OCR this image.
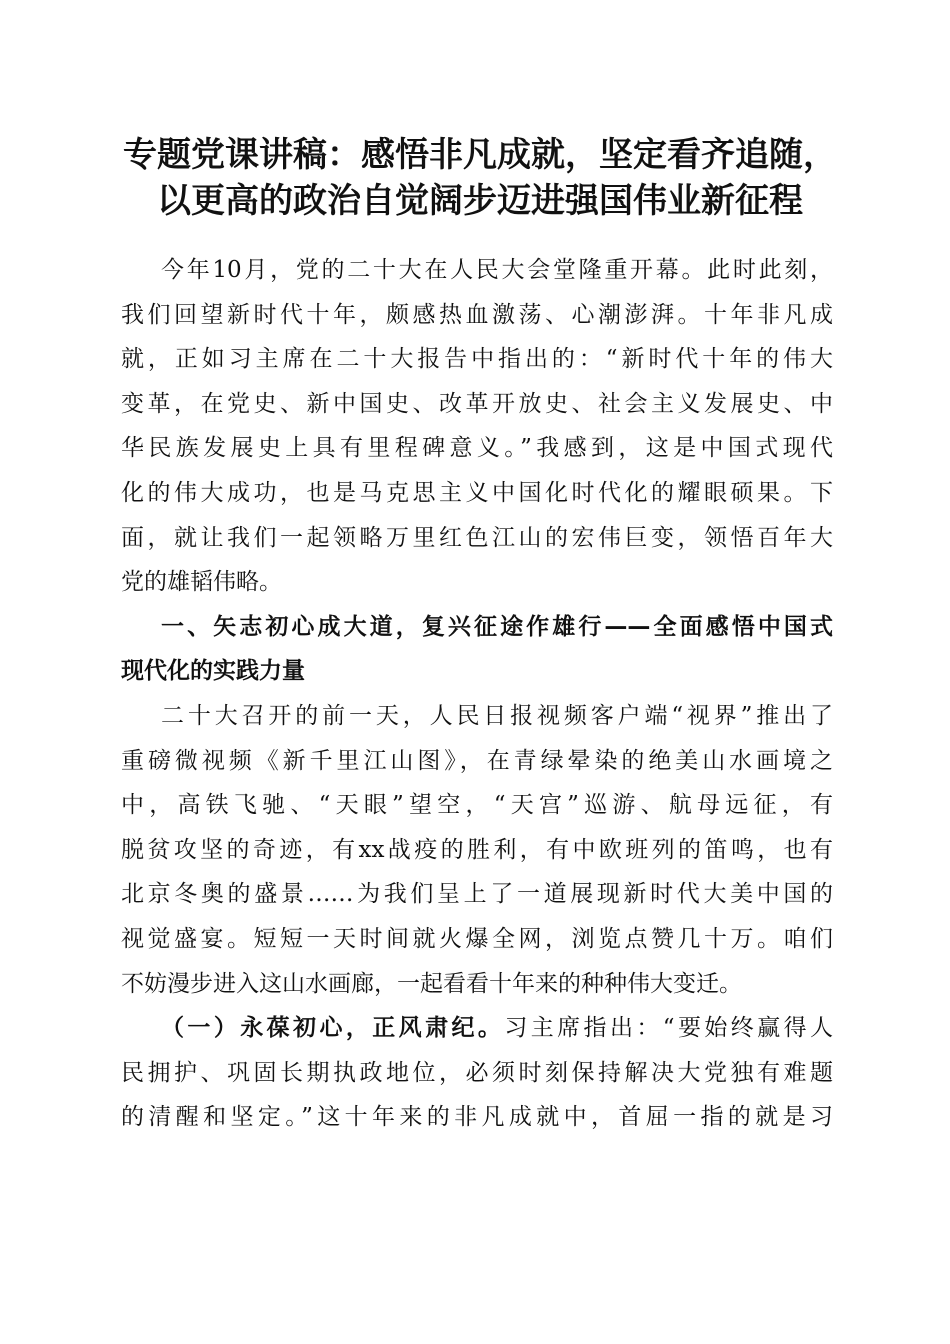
专题党课讲稿：感悟非凡成就，坚定看齐追随，
以更高的政治自觉阔步迈进强国伟业新征程
今年10月，党的二十大在人民大会堂隆重开幕。此时此刻，
我们回望新时代十年，颇感热血激荡、心潮澎湃。十年非凡成
就，正如习主席在二十大报告中指出的：“新时代十年的伟大
变革，在党史、新中国史、改革开放史、社会主义发展史、中
华民族发展史上具有里程碑意义。”我感到，这是中国式现代
化的伟大成功，也是马克思主义中国化时代化的耀眼硕果。下
面，就让我们一起领略万里红色江山的宏伟巨变，领悟百年大
党的雄韬伟略。
一、矢志初心成大道，复兴征途作雄行——全面感悟中国式
现代化的实践力量
二十大召开的前一天，人民日报视频客户端“视界”推出了
重磅微视频《新千里江山图》，在青绿晕染的绝美山水画境之
中，高铁飞驰、“天眼”望空，“天宫”巡游、航母远征，有
脱贫攻坚的奇迹，有xx战疫的胜利，有中欧班列的笛鸣，也有
北京冬奥的盛景……为我们呈上了一道展现新时代大美中国的
视觉盛宴。短短一天时间就火爆全网，浏览点赞几十万。咱们
不妨漫步进入这山水画廊，一起看看十年来的种种伟大变迁。
（一）永葆初心，正风肃纪。习主席指出：“要始终赢得人
民拥护、巩固长期执政地位，必须时刻保持解决大党独有难题
的清醒和坚定。”这十年来的非凡成就中，首屈一指的就是习
